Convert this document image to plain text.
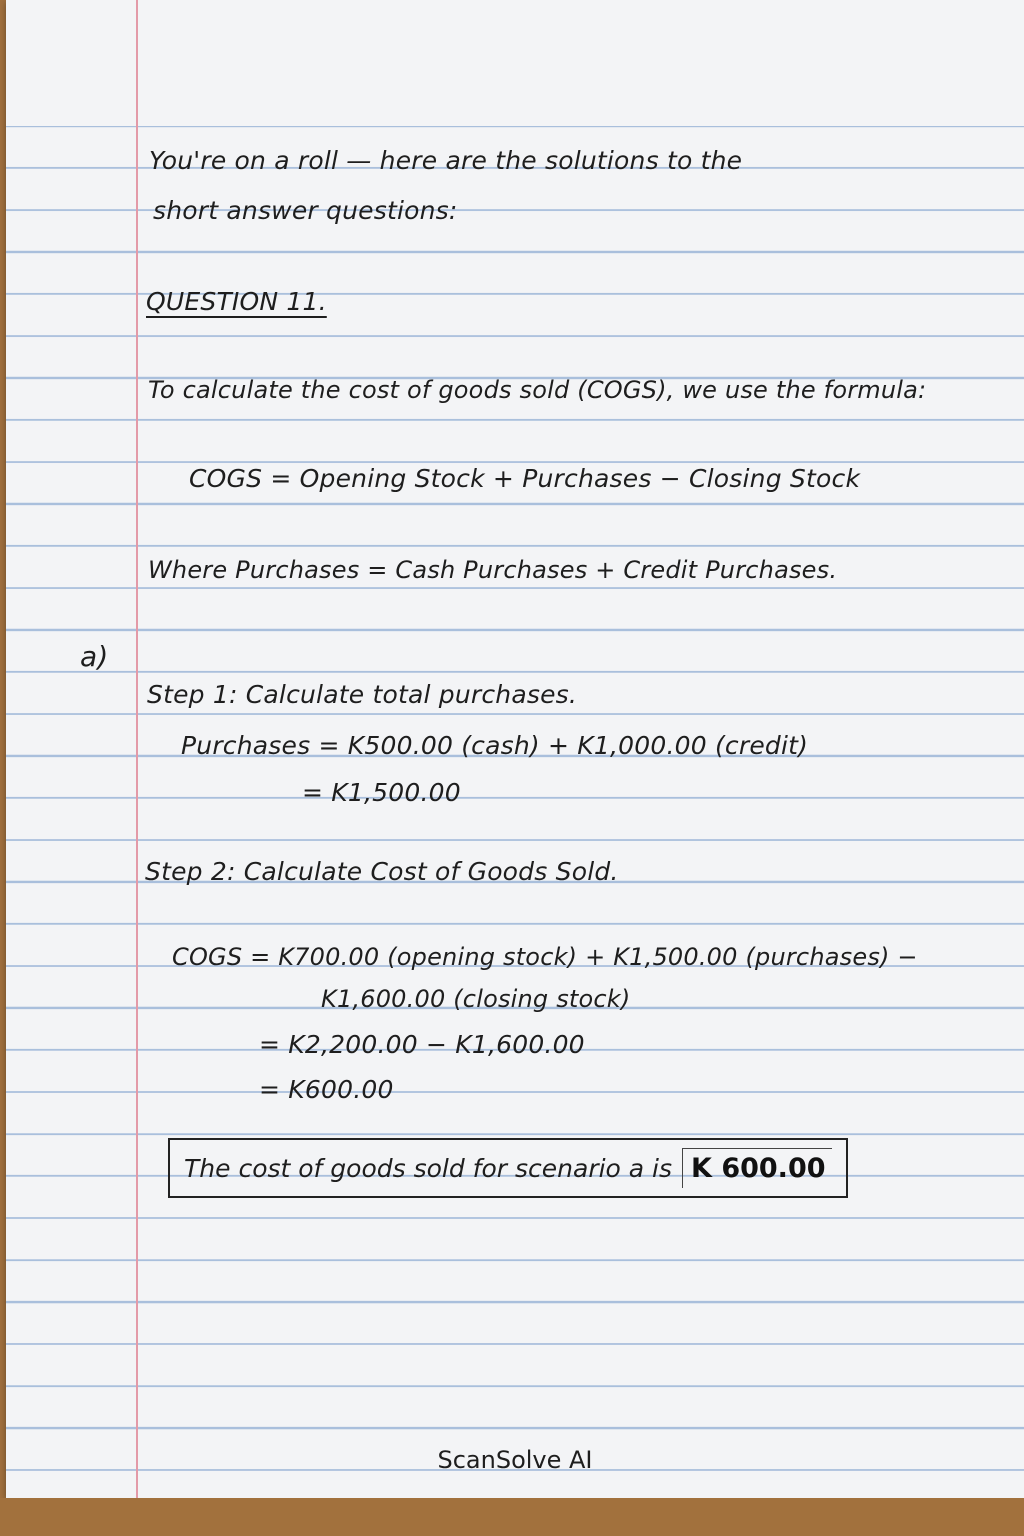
You're on a roll — here are the solutions to the
short answer questions:
QUESTION 11.
To calculate the cost of goods sold (COGS), we use the formula:
COGS = Opening Stock + Purchases − Closing Stock
Where Purchases = Cash Purchases + Credit Purchases.
a)
Step 1: Calculate total purchases.
Purchases = K500.00 (cash) + K1,000.00 (credit)
= K1,500.00
Step 2: Calculate Cost of Goods Sold.
COGS = K700.00 (opening stock) + K1,500.00 (purchases) −
K1,600.00 (closing stock)
= K2,200.00 − K1,600.00
= K600.00
The cost of goods sold for scenario a is K 600.00
ScanSolve AI
